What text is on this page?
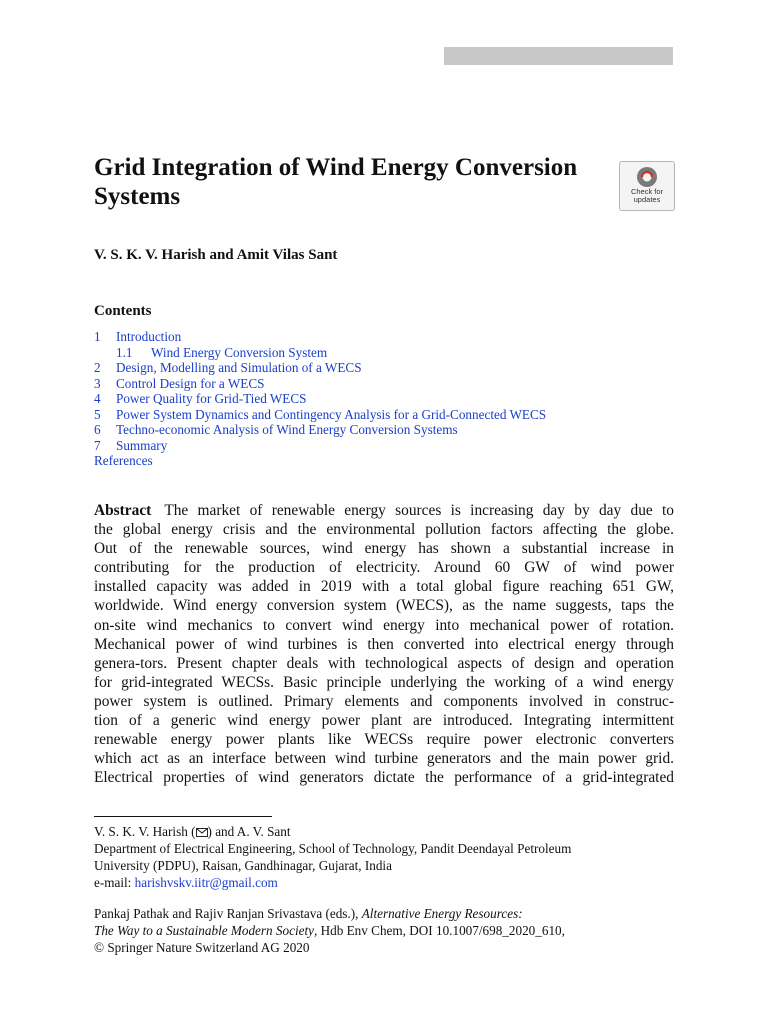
Grid Integration of Wind Energy Conversion Systems	Check for
updates

V. S. K. V. Harish and Amit Vilas Sant

Contents
1 Introduction
1.1 Wind Energy Conversion System
2 Design, Modelling and Simulation of a WECS
3 Control Design for a WECS
4 Power Quality for Grid-Tied WECS
5 Power System Dynamics and Contingency Analysis for a Grid-Connected WECS
6 Techno-economic Analysis of Wind Energy Conversion Systems
7 Summary
References
Abstract The market of renewable energy sources is increasing day by day due to
the global energy crisis and the environmental pollution factors affecting the globe.
Out of the renewable sources, wind energy has shown a substantial increase in
contributing for the production of electricity. Around 60 GW of wind power
installed capacity was added in 2019 with a total global figure reaching 651 GW,
worldwide. Wind energy conversion system (WECS), as the name suggests, taps the
on-site wind mechanics to convert wind energy into mechanical power of rotation.
Mechanical power of wind turbines is then converted into electrical energy through
genera-tors. Present chapter deals with technological aspects of design and operation
for grid-integrated WECSs. Basic principle underlying the working of a wind energy
power system is outlined. Primary elements and components involved in construc-
tion of a generic wind energy power plant are introduced. Integrating intermittent
renewable energy power plants like WECSs require power electronic converters
which act as an interface between wind turbine generators and the main power grid.
Electrical properties of wind generators dictate the performance of a grid-integrated
V. S. K. V. Harish ( ) and A. V. Sant
Department of Electrical Engineering, School of Technology, Pandit Deendayal Petroleum
University (PDPU), Raisan, Gandhinagar, Gujarat, India
e-mail: harishvskv.iitr@gmail.com
Pankaj Pathak and Rajiv Ranjan Srivastava (eds.), Alternative Energy Resources:
The Way to a Sustainable Modern Society, Hdb Env Chem, DOI 10.1007/698_2020_610,
© Springer Nature Switzerland AG 2020
